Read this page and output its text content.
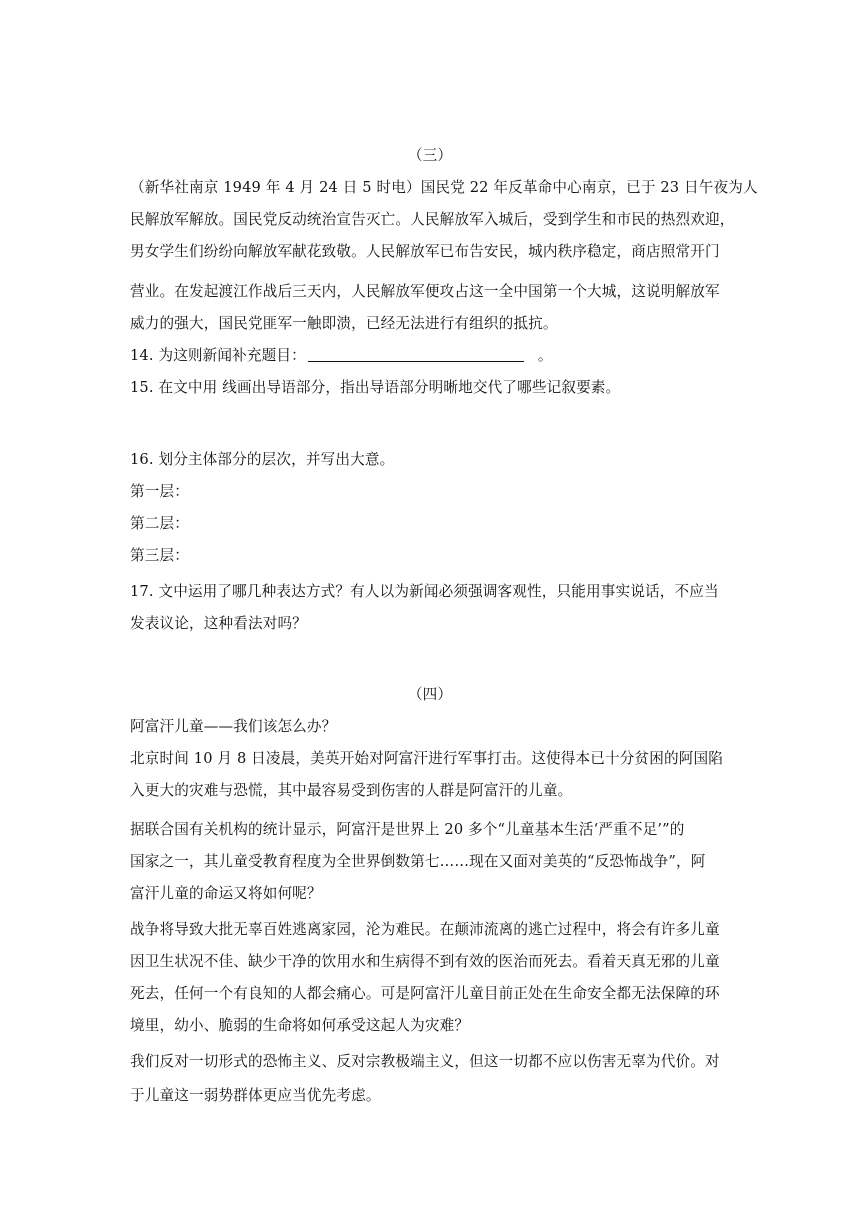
（三）
（新华社南京 1949 年 4 月 24 日 5 时电）国民党 22 年反革命中心南京，已于 23 日午夜为人
民解放军解放。国民党反动统治宣告灭亡。人民解放军入城后，受到学生和市民的热烈欢迎，
男女学生们纷纷向解放军献花致敬。人民解放军已布告安民，城内秩序稳定，商店照常开门
营业。在发起渡江作战后三天内，人民解放军便攻占这一全中国第一个大城，这说明解放军
威力的强大，国民党匪军一触即溃，已经无法进行有组织的抵抗。
14. 为这则新闻补充题目：	。
15. 在文中用 线画出导语部分，指出导语部分明晰地交代了哪些记叙要素。
16. 划分主体部分的层次，并写出大意。
第一层：
第二层：
第三层：
17. 文中运用了哪几种表达方式？有人以为新闻必须强调客观性，只能用事实说话，不应当
发表议论，这种看法对吗？
（四）
阿富汗儿童——我们该怎么办？
北京时间 10 月 8 日凌晨，美英开始对阿富汗进行军事打击。这使得本已十分贫困的阿国陷
入更大的灾难与恐慌，其中最容易受到伤害的人群是阿富汗的儿童。
据联合国有关机构的统计显示，阿富汗是世界上 20 多个“儿童基本生活‘严重不足’”的
国家之一，其儿童受教育程度为全世界倒数第七……现在又面对美英的“反恐怖战争”，阿
富汗儿童的命运又将如何呢？
战争将导致大批无辜百姓逃离家园，沦为难民。在颠沛流离的逃亡过程中，将会有许多儿童
因卫生状况不佳、缺少干净的饮用水和生病得不到有效的医治而死去。看着天真无邪的儿童
死去，任何一个有良知的人都会痛心。可是阿富汗儿童目前正处在生命安全都无法保障的环
境里，幼小、脆弱的生命将如何承受这起人为灾难？
我们反对一切形式的恐怖主义、反对宗教极端主义，但这一切都不应以伤害无辜为代价。对
于儿童这一弱势群体更应当优先考虑。
